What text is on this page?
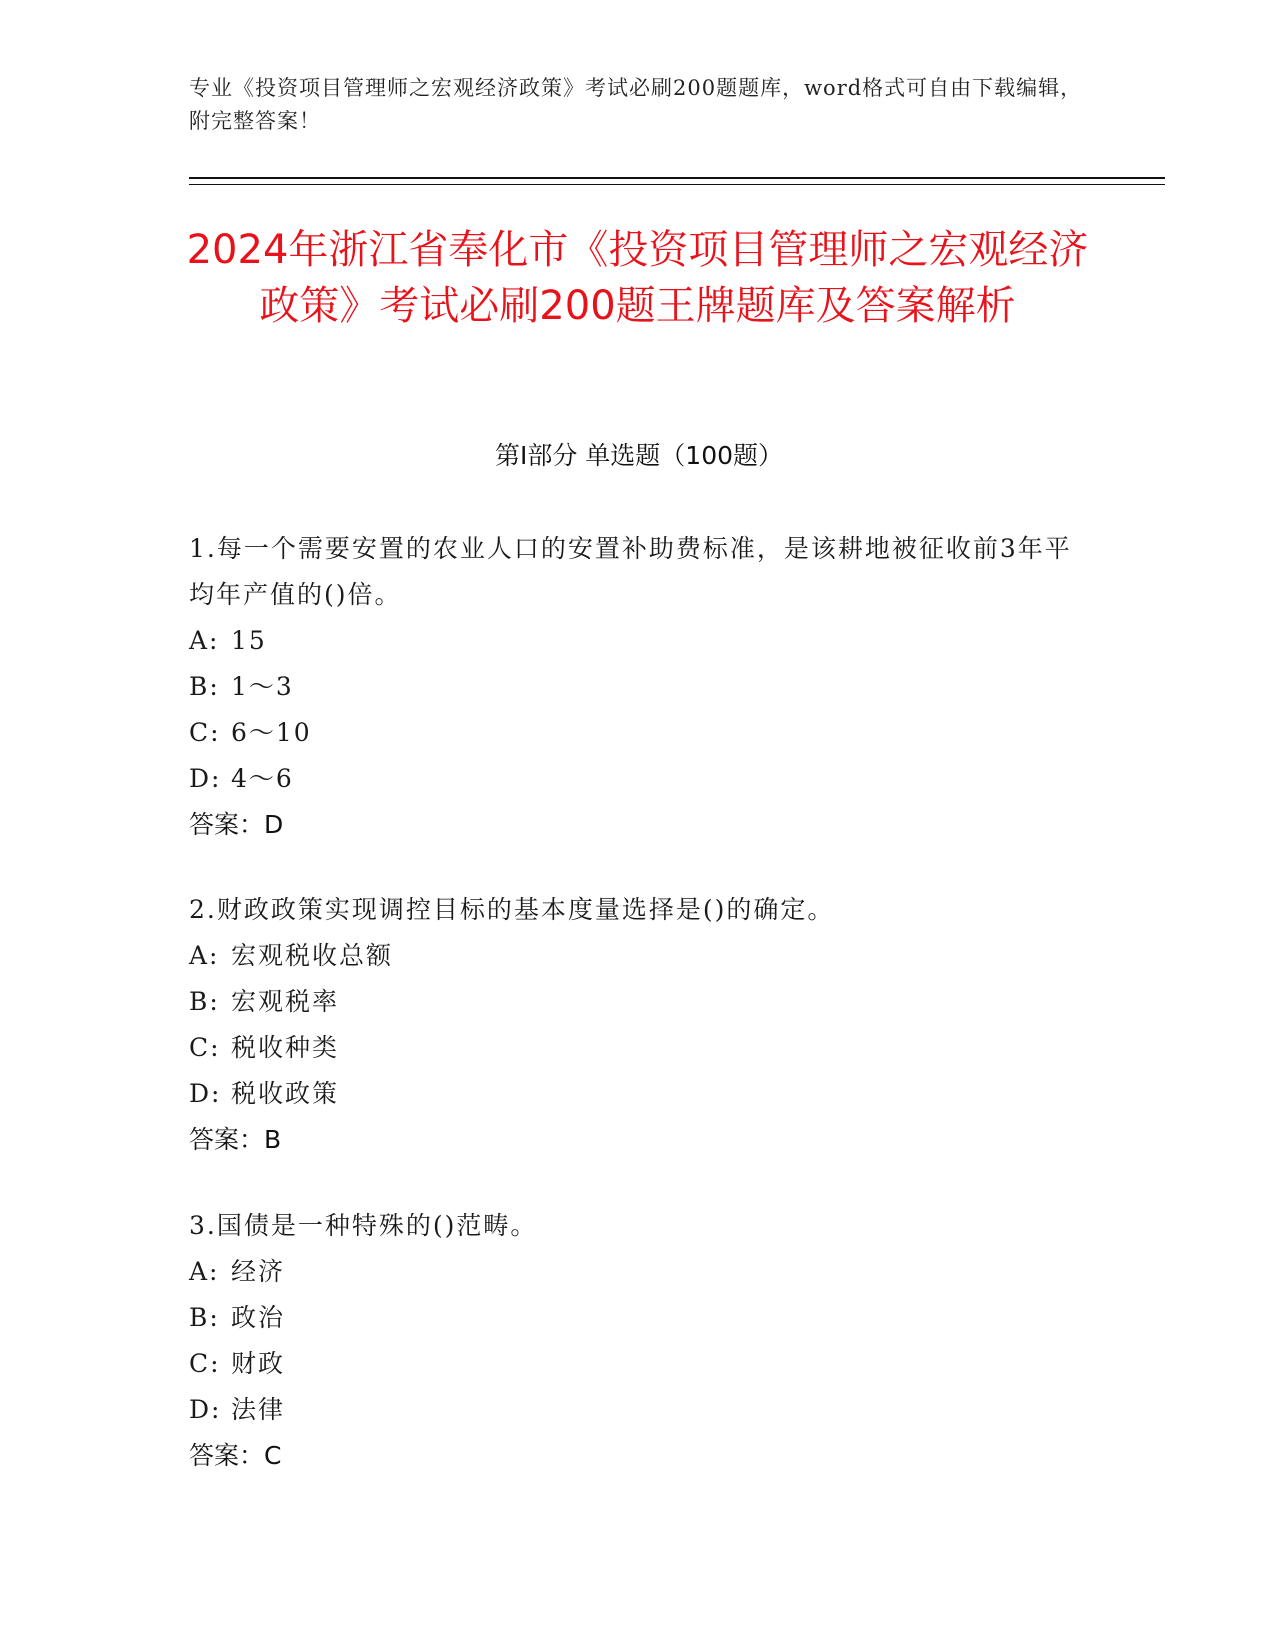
专业《投资项目管理师之宏观经济政策》考试必刷200题题库，word格式可自由下载编辑，附完整答案！
2024年浙江省奉化市《投资项目管理师之宏观经济政策》考试必刷200题王牌题库及答案解析
第Ⅰ部分 单选题（100题）
1.每一个需要安置的农业人口的安置补助费标准，是该耕地被征收前3年平均年产值的()倍。
A: 15
B: 1～3
C: 6～10
D: 4～6
答案：D
2.财政政策实现调控目标的基本度量选择是()的确定。
A: 宏观税收总额
B: 宏观税率
C: 税收种类
D: 税收政策
答案：B
3.国债是一种特殊的()范畴。
A: 经济
B: 政治
C: 财政
D: 法律
答案：C
